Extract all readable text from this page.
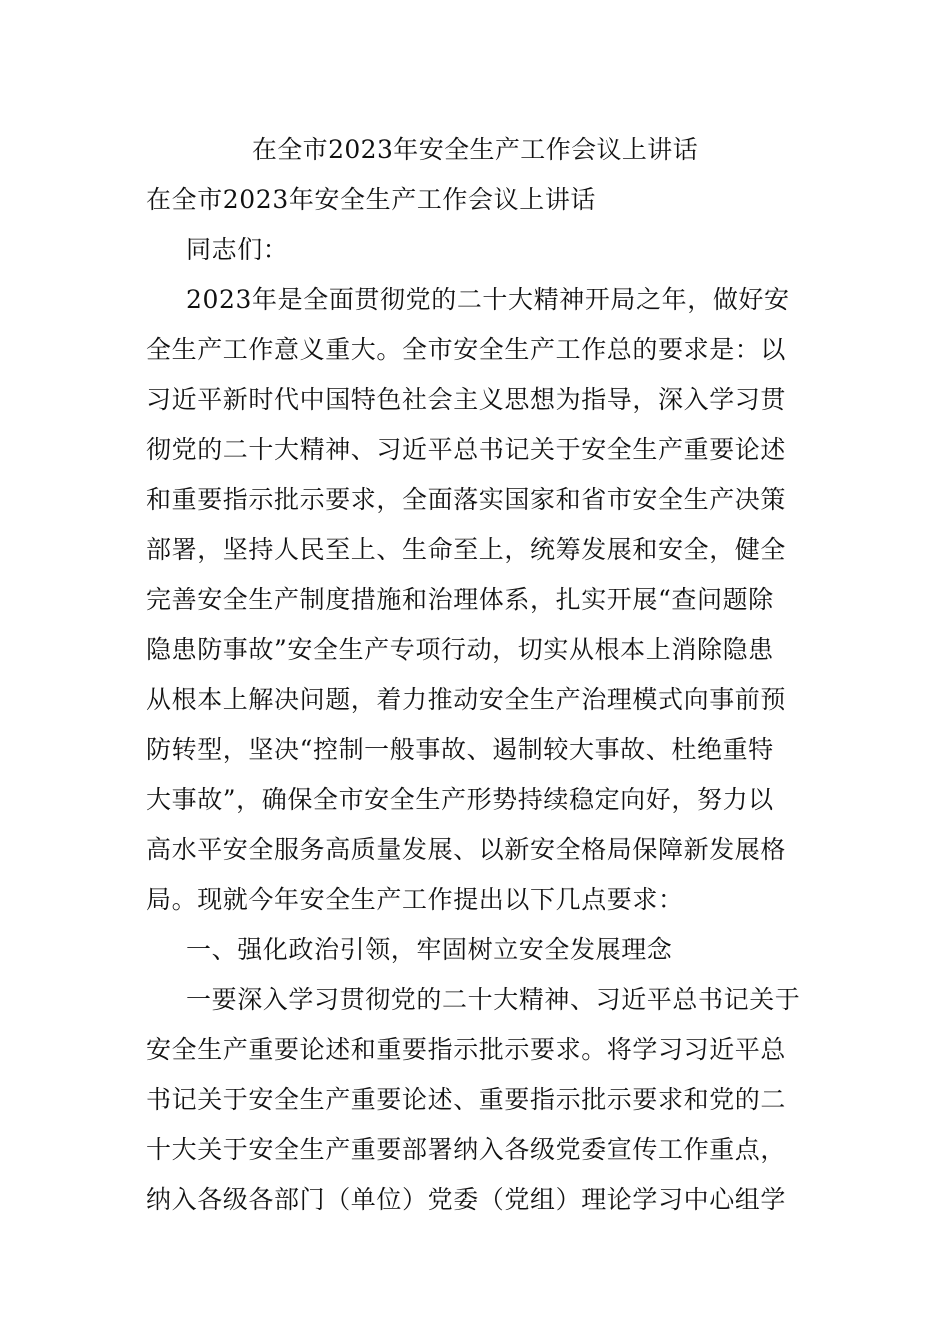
在全市2023年安全生产工作会议上讲话
在全市2023年安全生产工作会议上讲话
同志们：
2023年是全面贯彻党的二十大精神开局之年，做好安
全生产工作意义重大。全市安全生产工作总的要求是：以
习近平新时代中国特色社会主义思想为指导，深入学习贯
彻党的二十大精神、习近平总书记关于安全生产重要论述
和重要指示批示要求，全面落实国家和省市安全生产决策
部署，坚持人民至上、生命至上，统筹发展和安全，健全
完善安全生产制度措施和治理体系，扎实开展“查问题除
隐患防事故”安全生产专项行动，切实从根本上消除隐患
从根本上解决问题，着力推动安全生产治理模式向事前预
防转型，坚决“控制一般事故、遏制较大事故、杜绝重特
大事故”，确保全市安全生产形势持续稳定向好，努力以
高水平安全服务高质量发展、以新安全格局保障新发展格
局。现就今年安全生产工作提出以下几点要求：
一、强化政治引领，牢固树立安全发展理念
一要深入学习贯彻党的二十大精神、习近平总书记关于
安全生产重要论述和重要指示批示要求。将学习习近平总
书记关于安全生产重要论述、重要指示批示要求和党的二
十大关于安全生产重要部署纳入各级党委宣传工作重点，
纳入各级各部门（单位）党委（党组）理论学习中心组学
